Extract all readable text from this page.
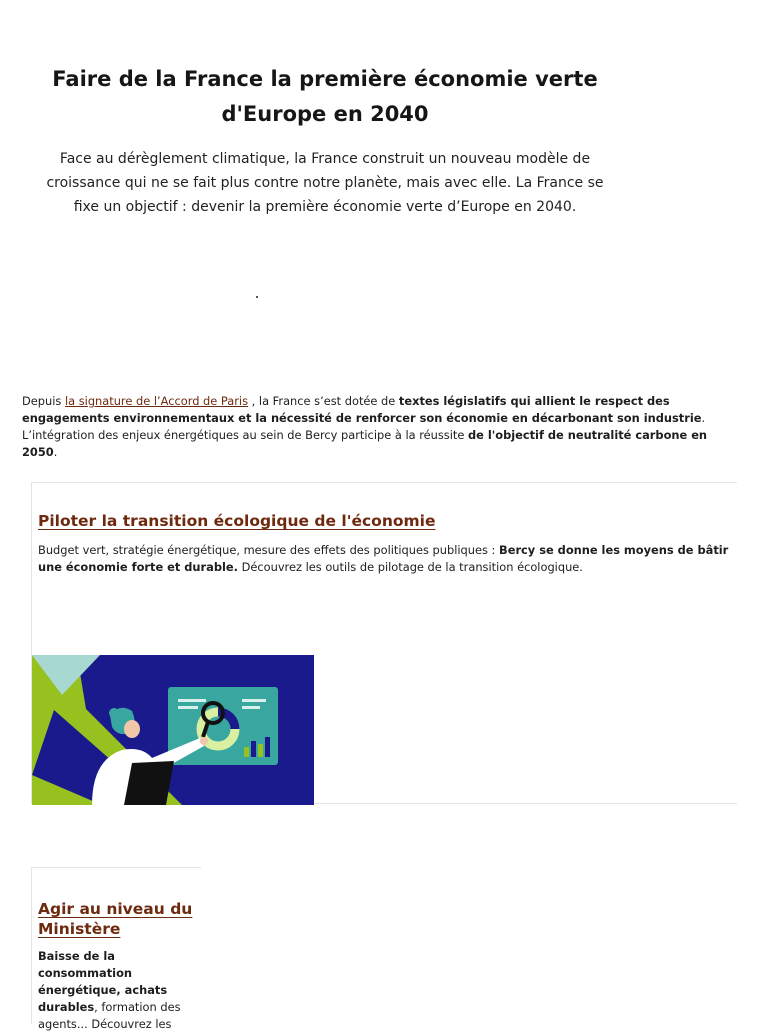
Faire de la France la première économie verte
d'Europe en 2040

Face au dérèglement climatique, la France construit un nouveau modèle de croissance qui ne se fait plus contre notre planète, mais avec elle. La France se fixe un objectif : devenir la première économie verte d’Europe en 2040.

Depuis la signature de l’Accord de Paris , la France s’est dotée de textes législatifs qui allient le respect des engagements environnementaux et la nécessité de renforcer son économie en décarbonant son industrie. L’intégration des enjeux énergétiques au sein de Bercy participe à la réussite de l'objectif de neutralité carbone en 2050.

Piloter la transition écologique de l'économie

Budget vert, stratégie énergétique, mesure des effets des politiques publiques : Bercy se donne les moyens de bâtir une économie forte et durable. Découvrez les outils de pilotage de la transition écologique.

Agir au niveau du Ministère

Baisse de la consommation énergétique, achats durables, formation des agents... Découvrez les
